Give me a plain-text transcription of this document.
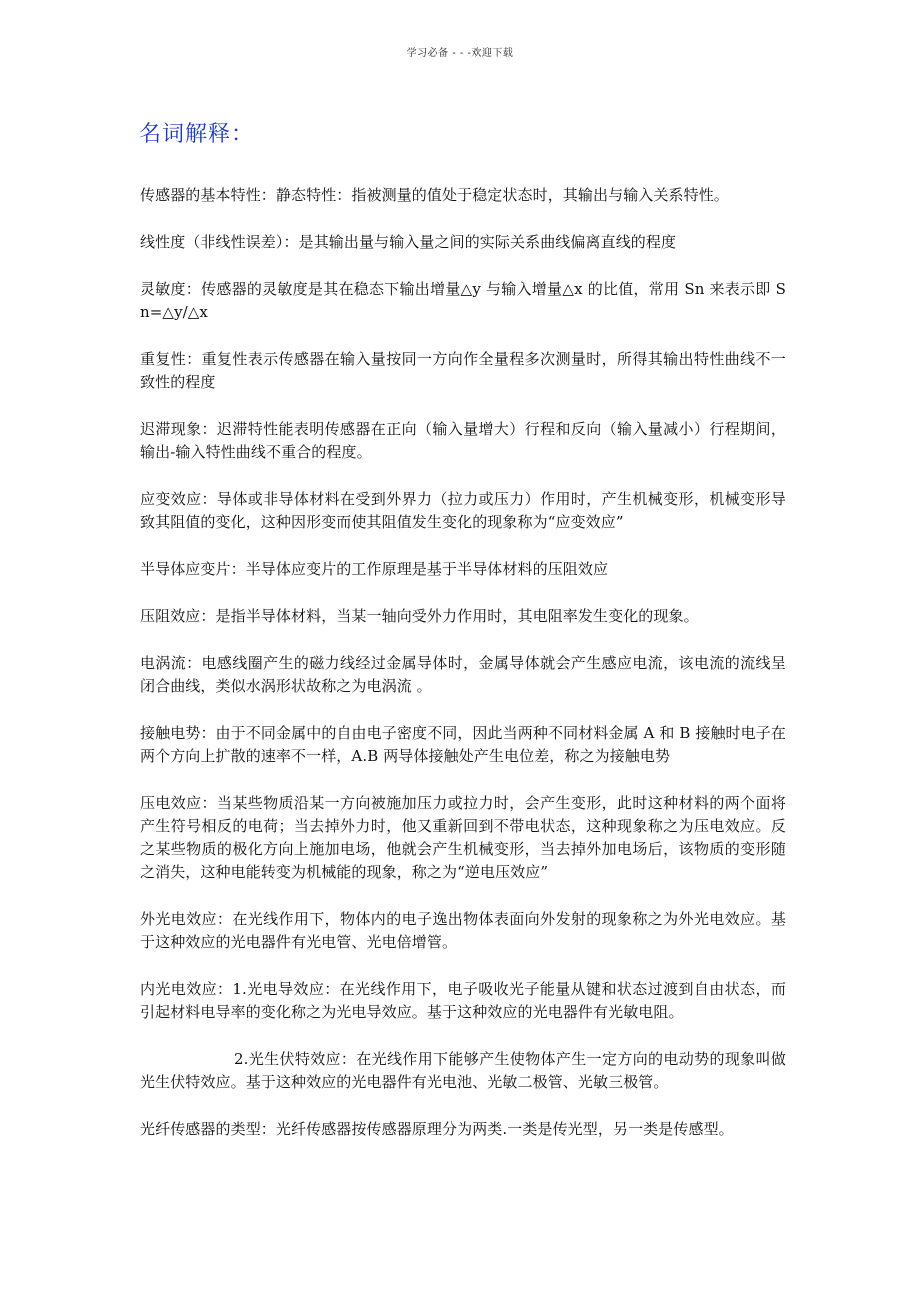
学习必备 - - -欢迎下载
名词解释：

传感器的基本特性：静态特性：指被测量的值处于稳定状态时，其输出与输入关系特性。

线性度（非线性误差）：是其输出量与输入量之间的实际关系曲线偏离直线的程度

灵敏度：传感器的灵敏度是其在稳态下输出增量△y 与输入增量△x 的比值，常用 Sn 来表示即 Sn=△y/△x

重复性：重复性表示传感器在输入量按同一方向作全量程多次测量时，所得其输出特性曲线不一致性的程度

迟滞现象：迟滞特性能表明传感器在正向（输入量增大）行程和反向（输入量减小）行程期间，输出-输入特性曲线不重合的程度。

应变效应：导体或非导体材料在受到外界力（拉力或压力）作用时，产生机械变形，机械变形导致其阻值的变化，这种因形变而使其阻值发生变化的现象称为“应变效应”

半导体应变片：半导体应变片的工作原理是基于半导体材料的压阻效应

压阻效应：是指半导体材料，当某一轴向受外力作用时，其电阻率发生变化的现象。

电涡流：电感线圈产生的磁力线经过金属导体时，金属导体就会产生感应电流，该电流的流线呈闭合曲线，类似水涡形状故称之为电涡流 。

接触电势：由于不同金属中的自由电子密度不同，因此当两种不同材料金属 A 和 B 接触时电子在两个方向上扩散的速率不一样，A.B 两导体接触处产生电位差，称之为接触电势

压电效应：当某些物质沿某一方向被施加压力或拉力时，会产生变形，此时这种材料的两个面将产生符号相反的电荷；当去掉外力时，他又重新回到不带电状态，这种现象称之为压电效应。反之某些物质的极化方向上施加电场，他就会产生机械变形，当去掉外加电场后，该物质的变形随之消失，这种电能转变为机械能的现象，称之为“逆电压效应”

外光电效应：在光线作用下，物体内的电子逸出物体表面向外发射的现象称之为外光电效应。基于这种效应的光电器件有光电管、光电倍增管。

内光电效应：1.光电导效应：在光线作用下，电子吸收光子能量从键和状态过渡到自由状态，而引起材料电导率的变化称之为光电导效应。基于这种效应的光电器件有光敏电阻。

2.光生伏特效应：在光线作用下能够产生使物体产生一定方向的电动势的现象叫做光生伏特效应。基于这种效应的光电器件有光电池、光敏二极管、光敏三极管。

光纤传感器的类型：光纤传感器按传感器原理分为两类.一类是传光型，另一类是传感型。
